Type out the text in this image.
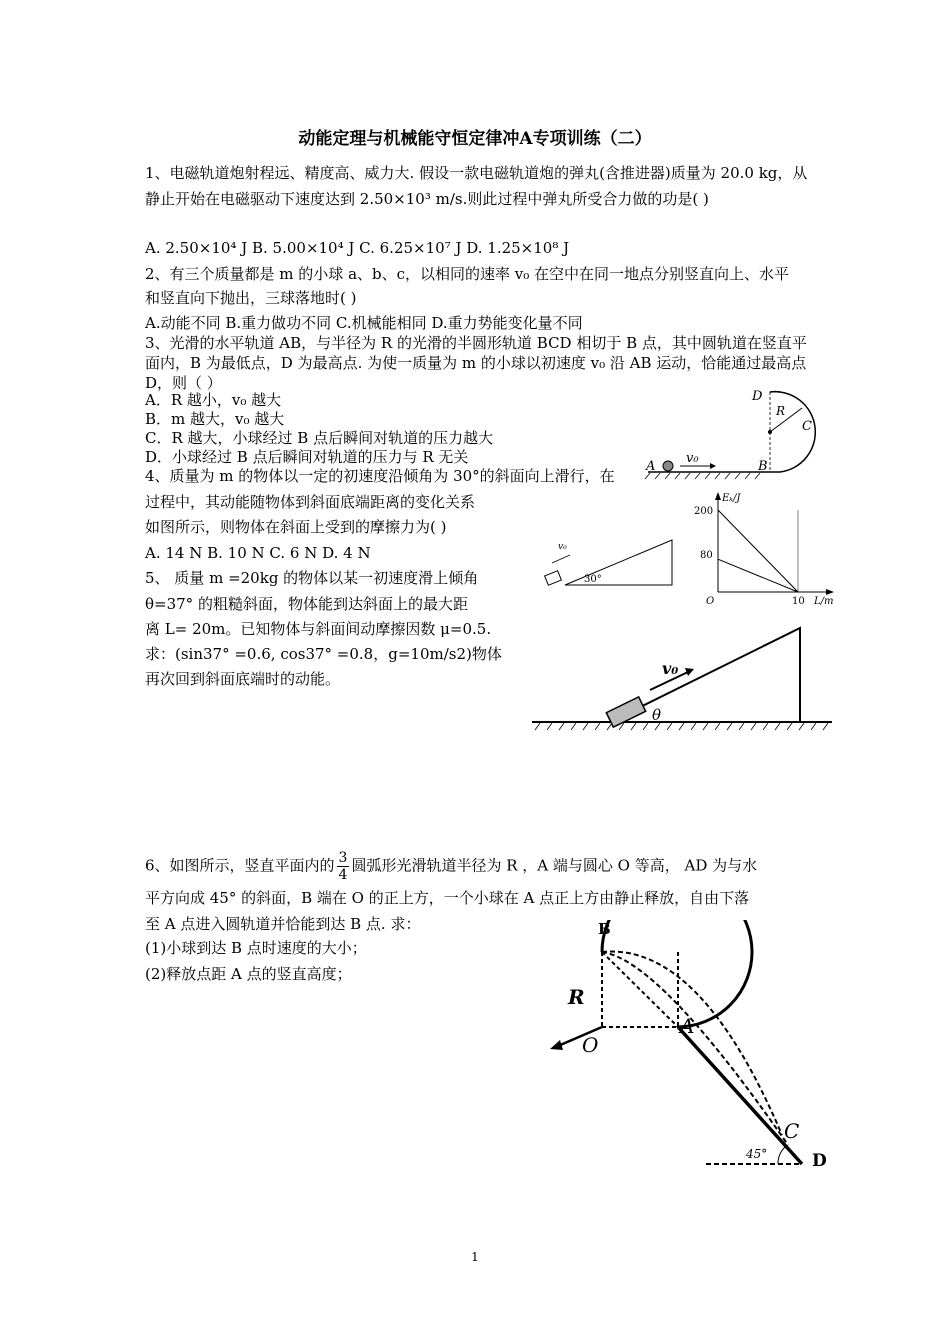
动能定理与机械能守恒定律冲A专项训练（二）
1、电磁轨道炮射程远、精度高、威力大. 假设一款电磁轨道炮的弹丸(含推进器)质量为 20.0 kg，从静止开始在电磁驱动下速度达到 2.50×10³ m/s.则此过程中弹丸所受合力做的功是( )
A. 2.50×10⁴ J B. 5.00×10⁴ J C. 6.25×10⁷ J D. 1.25×10⁸ J
2、有三个质量都是 m 的小球 a、b、c，以相同的速率 v₀ 在空中在同一地点分别竖直向上、水平
和竖直向下抛出，三球落地时( )
A.动能不同 B.重力做功不同 C.机械能相同 D.重力势能变化量不同
3、光滑的水平轨道 AB，与半径为 R 的光滑的半圆形轨道 BCD 相切于 B 点，其中圆轨道在竖直平面内，B 为最低点，D 为最高点. 为使一质量为 m 的小球以初速度 v₀ 沿 AB 运动，恰能通过最高点 D，则（ ）
A．R 越小，v₀ 越大
B．m 越大，v₀ 越大
C．R 越大，小球经过 B 点后瞬间对轨道的压力越大
D．小球经过 B 点后瞬间对轨道的压力与 R 无关
D
R
C
A
v₀
B
4、质量为 m 的物体以一定的初速度沿倾角为 30°的斜面向上滑行，在
过程中，其动能随物体到斜面底端距离的变化关系
如图所示，则物体在斜面上受到的摩擦力为( )
A. 14 N B. 10 N C. 6 N D. 4 N	v₀
30°
Eₖ/J
200
80
O	10 L/m
5、 质量 m =20kg 的物体以某一初速度滑上倾角
θ=37° 的粗糙斜面，物体能到达斜面上的最大距
离 L= 20m。已知物体与斜面间动摩擦因数 μ=0.5.
求：(sin37° =0.6, cos37° =0.8，g=10m/s2)物体
再次回到斜面底端时的动能。
v₀
θ
6、如图所示，竖直平面内的 $\frac{3}{4}$ 圆弧形光滑轨道半径为 R ，A 端与圆心 O 等高， AD 为与水
平方向成 45° 的斜面，B 端在 O 的正上方，一个小球在 A 点正上方由静止释放，自由下落
至 A 点进入圆轨道并恰能到达 B 点. 求：
(1)小球到达 B 点时速度的大小；
(2)释放点距 A 点的竖直高度；
B
R
A
O
C
45°	D
1
